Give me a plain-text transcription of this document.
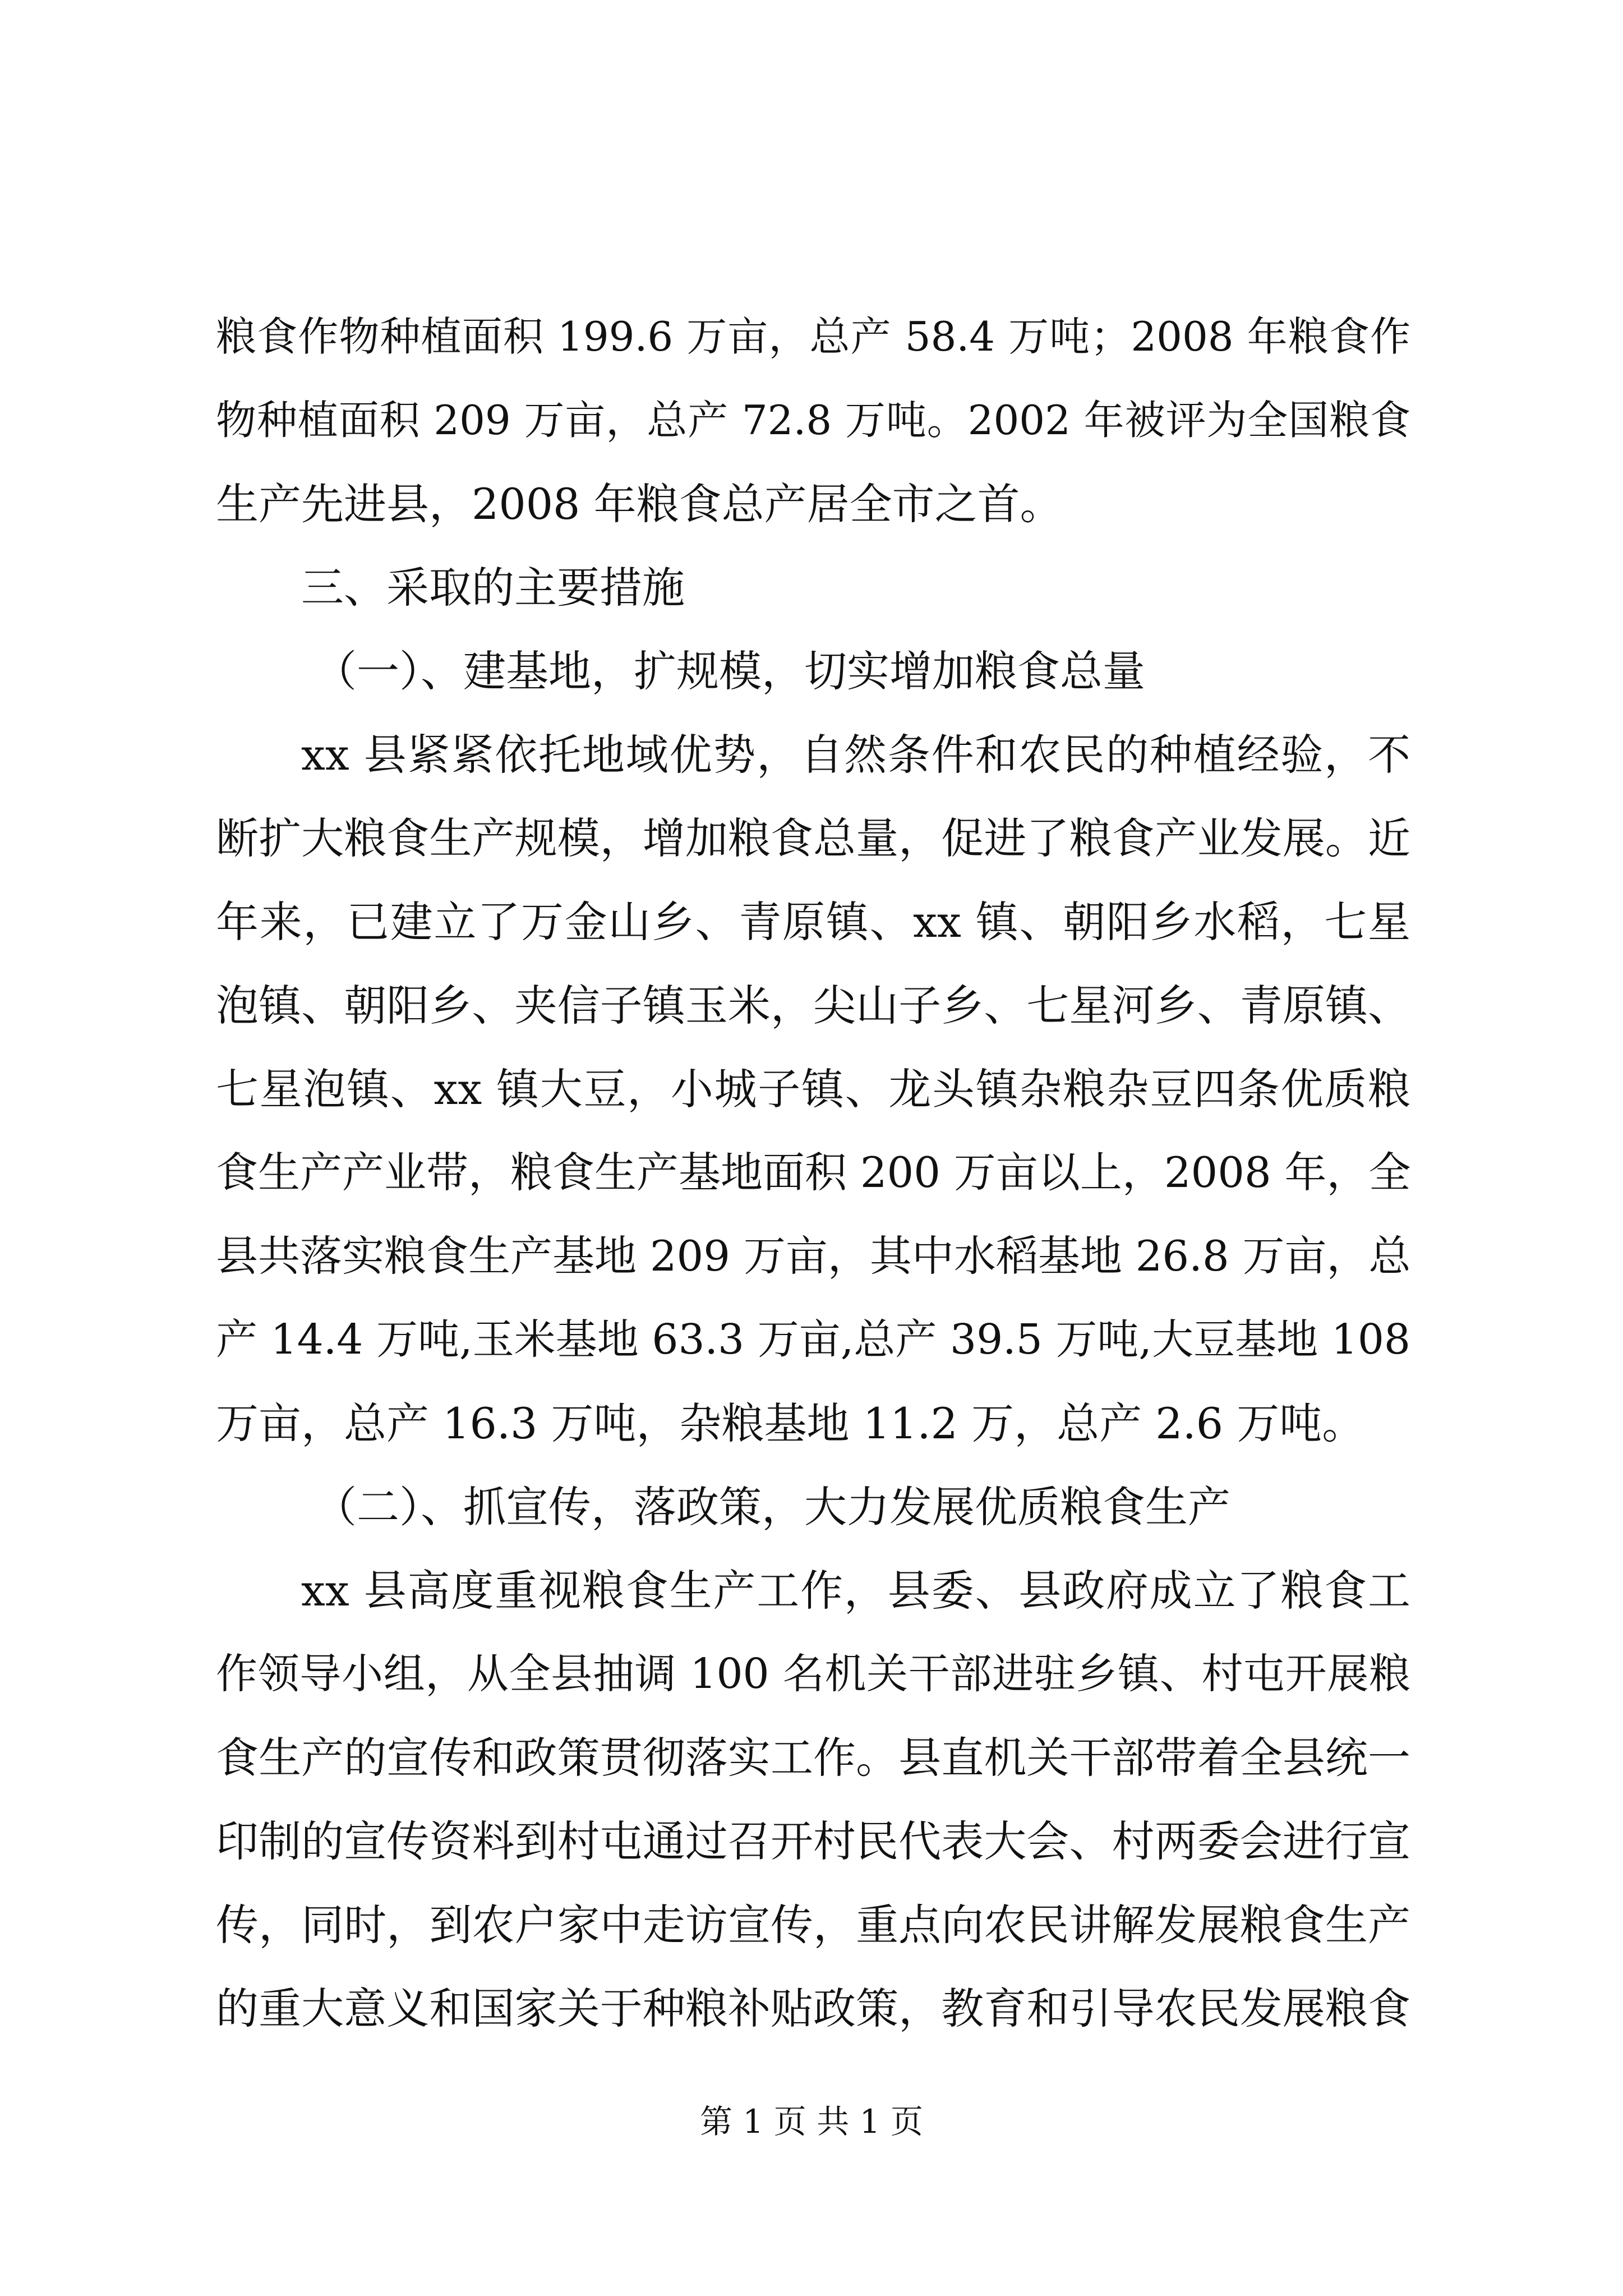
粮食作物种植面积 199.6 万亩，总产 58.4 万吨；2008 年粮食作
物种植面积 209 万亩，总产 72.8 万吨。2002 年被评为全国粮食
生产先进县，2008 年粮食总产居全市之首。
三、采取的主要措施
（一）、建基地，扩规模，切实增加粮食总量
xx 县紧紧依托地域优势，自然条件和农民的种植经验，不
断扩大粮食生产规模，增加粮食总量，促进了粮食产业发展。近
年来，已建立了万金山乡、青原镇、xx 镇、朝阳乡水稻，七星
泡镇、朝阳乡、夹信子镇玉米，尖山子乡、七星河乡、青原镇、
七星泡镇、xx 镇大豆，小城子镇、龙头镇杂粮杂豆四条优质粮
食生产产业带，粮食生产基地面积 200 万亩以上，2008 年，全
县共落实粮食生产基地 209 万亩，其中水稻基地 26.8 万亩，总
产 14.4 万吨,玉米基地 63.3 万亩,总产 39.5 万吨,大豆基地 108
万亩，总产 16.3 万吨，杂粮基地 11.2 万，总产 2.6 万吨。
（二）、抓宣传，落政策，大力发展优质粮食生产
xx 县高度重视粮食生产工作，县委、县政府成立了粮食工
作领导小组，从全县抽调 100 名机关干部进驻乡镇、村屯开展粮
食生产的宣传和政策贯彻落实工作。县直机关干部带着全县统一
印制的宣传资料到村屯通过召开村民代表大会、村两委会进行宣
传，同时，到农户家中走访宣传，重点向农民讲解发展粮食生产
的重大意义和国家关于种粮补贴政策，教育和引导农民发展粮食
第 1 页 共 1 页
